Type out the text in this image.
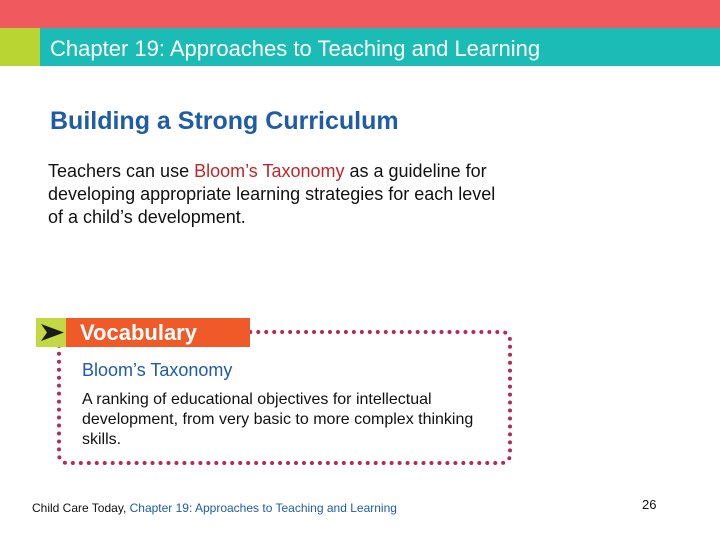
Chapter 19: Approaches to Teaching and Learning
Building a Strong Curriculum
Teachers can use Bloom’s Taxonomy as a guideline for developing appropriate learning strategies for each level of a child’s development.
Vocabulary
Bloom’s Taxonomy
A ranking of educational objectives for intellectual development, from very basic to more complex thinking skills.
Child Care Today, Chapter 19: Approaches to Teaching and Learning	26
